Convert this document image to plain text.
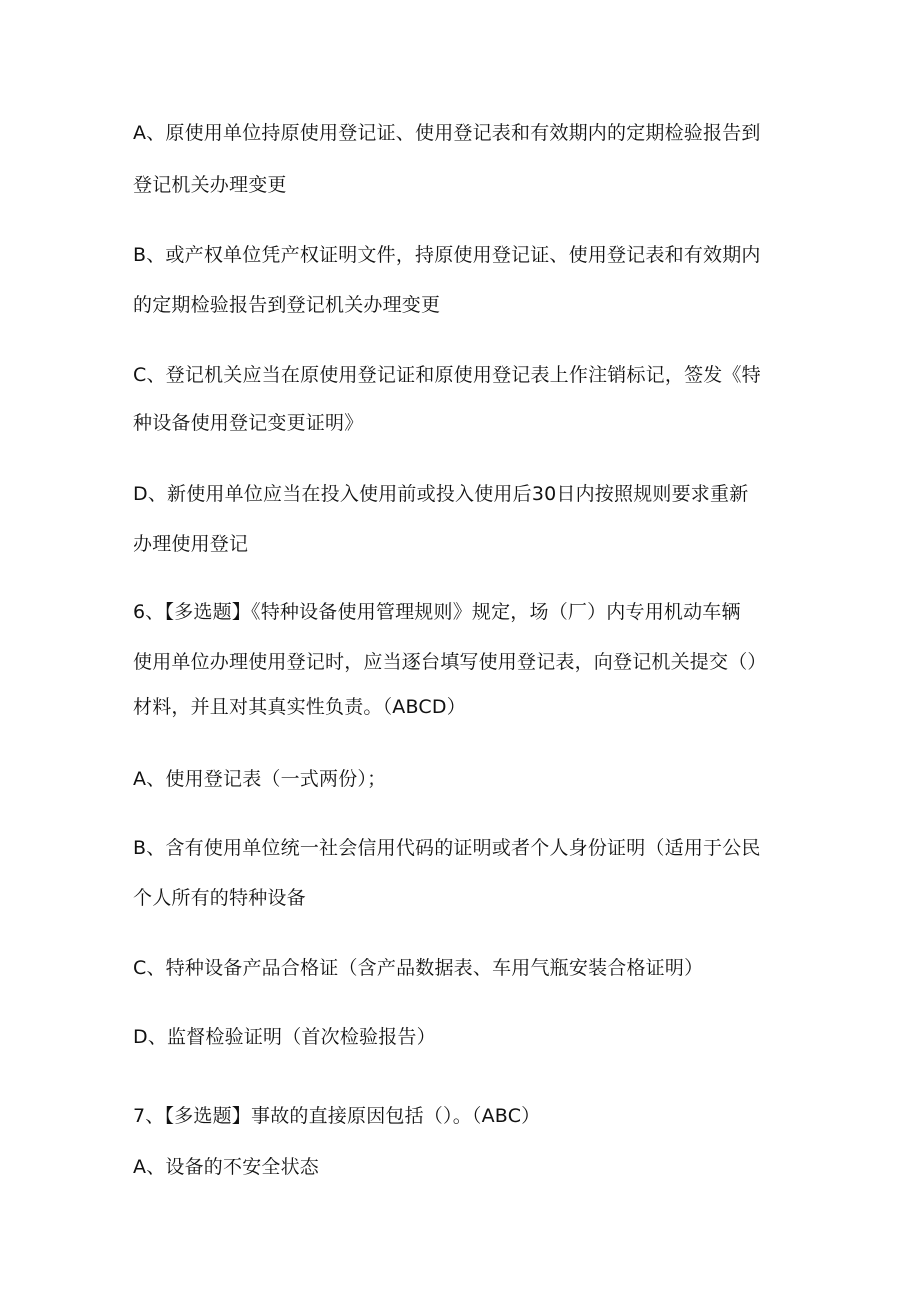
A、原使用单位持原使用登记证、使用登记表和有效期内的定期检验报告到
登记机关办理变更
B、或产权单位凭产权证明文件，持原使用登记证、使用登记表和有效期内
的定期检验报告到登记机关办理变更
C、登记机关应当在原使用登记证和原使用登记表上作注销标记，签发《特
种设备使用登记变更证明》
D、新使用单位应当在投入使用前或投入使用后30日内按照规则要求重新
办理使用登记
6、【多选题】《特种设备使用管理规则》规定，场（厂）内专用机动车辆
使用单位办理使用登记时，应当逐台填写使用登记表，向登记机关提交（）
材料，并且对其真实性负责。（ABCD）
A、使用登记表（一式两份）；
B、含有使用单位统一社会信用代码的证明或者个人身份证明（适用于公民
个人所有的特种设备
C、特种设备产品合格证（含产品数据表、车用气瓶安装合格证明）
D、监督检验证明（首次检验报告）
7、【多选题】事故的直接原因包括（）。（ABC）
A、设备的不安全状态
